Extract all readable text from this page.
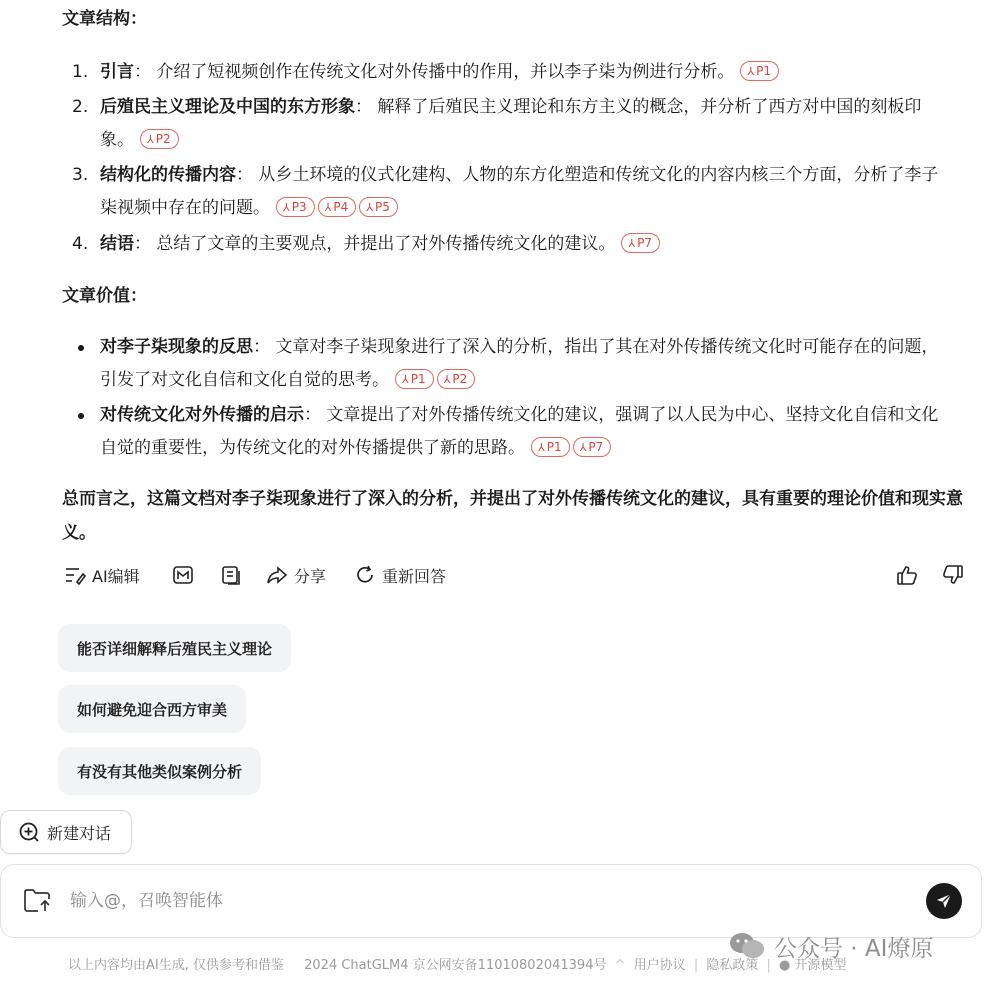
文章结构：
1. 引言： 介绍了短视频创作在传统文化对外传播中的作用，并以李子柒为例进行分析。 ⅄ P1
2. 后殖民主义理论及中国的东方形象： 解释了后殖民主义理论和东方主义的概念，并分析了西方对中国的刻板印象。 ⅄ P2
3. 结构化的传播内容： 从乡土环境的仪式化建构、人物的东方化塑造和传统文化的内容内核三个方面，分析了李子柒视频中存在的问题。 ⅄ P3 ⅄ P4 ⅄ P5
4. 结语： 总结了文章的主要观点，并提出了对外传播传统文化的建议。 ⅄ P7
文章价值：
对李子柒现象的反思： 文章对李子柒现象进行了深入的分析，指出了其在对外传播传统文化时可能存在的问题，引发了对文化自信和文化自觉的思考。 ⅄ P1 ⅄ P2
对传统文化对外传播的启示： 文章提出了对外传播传统文化的建议，强调了以人民为中心、坚持文化自信和文化自觉的重要性，为传统文化的对外传播提供了新的思路。 ⅄ P1 ⅄ P7
总而言之，这篇文档对李子柒现象进行了深入的分析，并提出了对外传播传统文化的建议，具有重要的理论价值和现实意义。
AI编辑	分享	重新回答
能否详细解释后殖民主义理论
如何避免迎合西方审美
有没有其他类似案例分析
新建对话
输入@，召唤智能体
以上内容均由AI生成, 仅供参考和借鉴 2024 ChatGLM4 京公网安备11010802041394号 ^ 用户协议 | 隐私政策 | ● 开源模型
公众号 · AI燎原
